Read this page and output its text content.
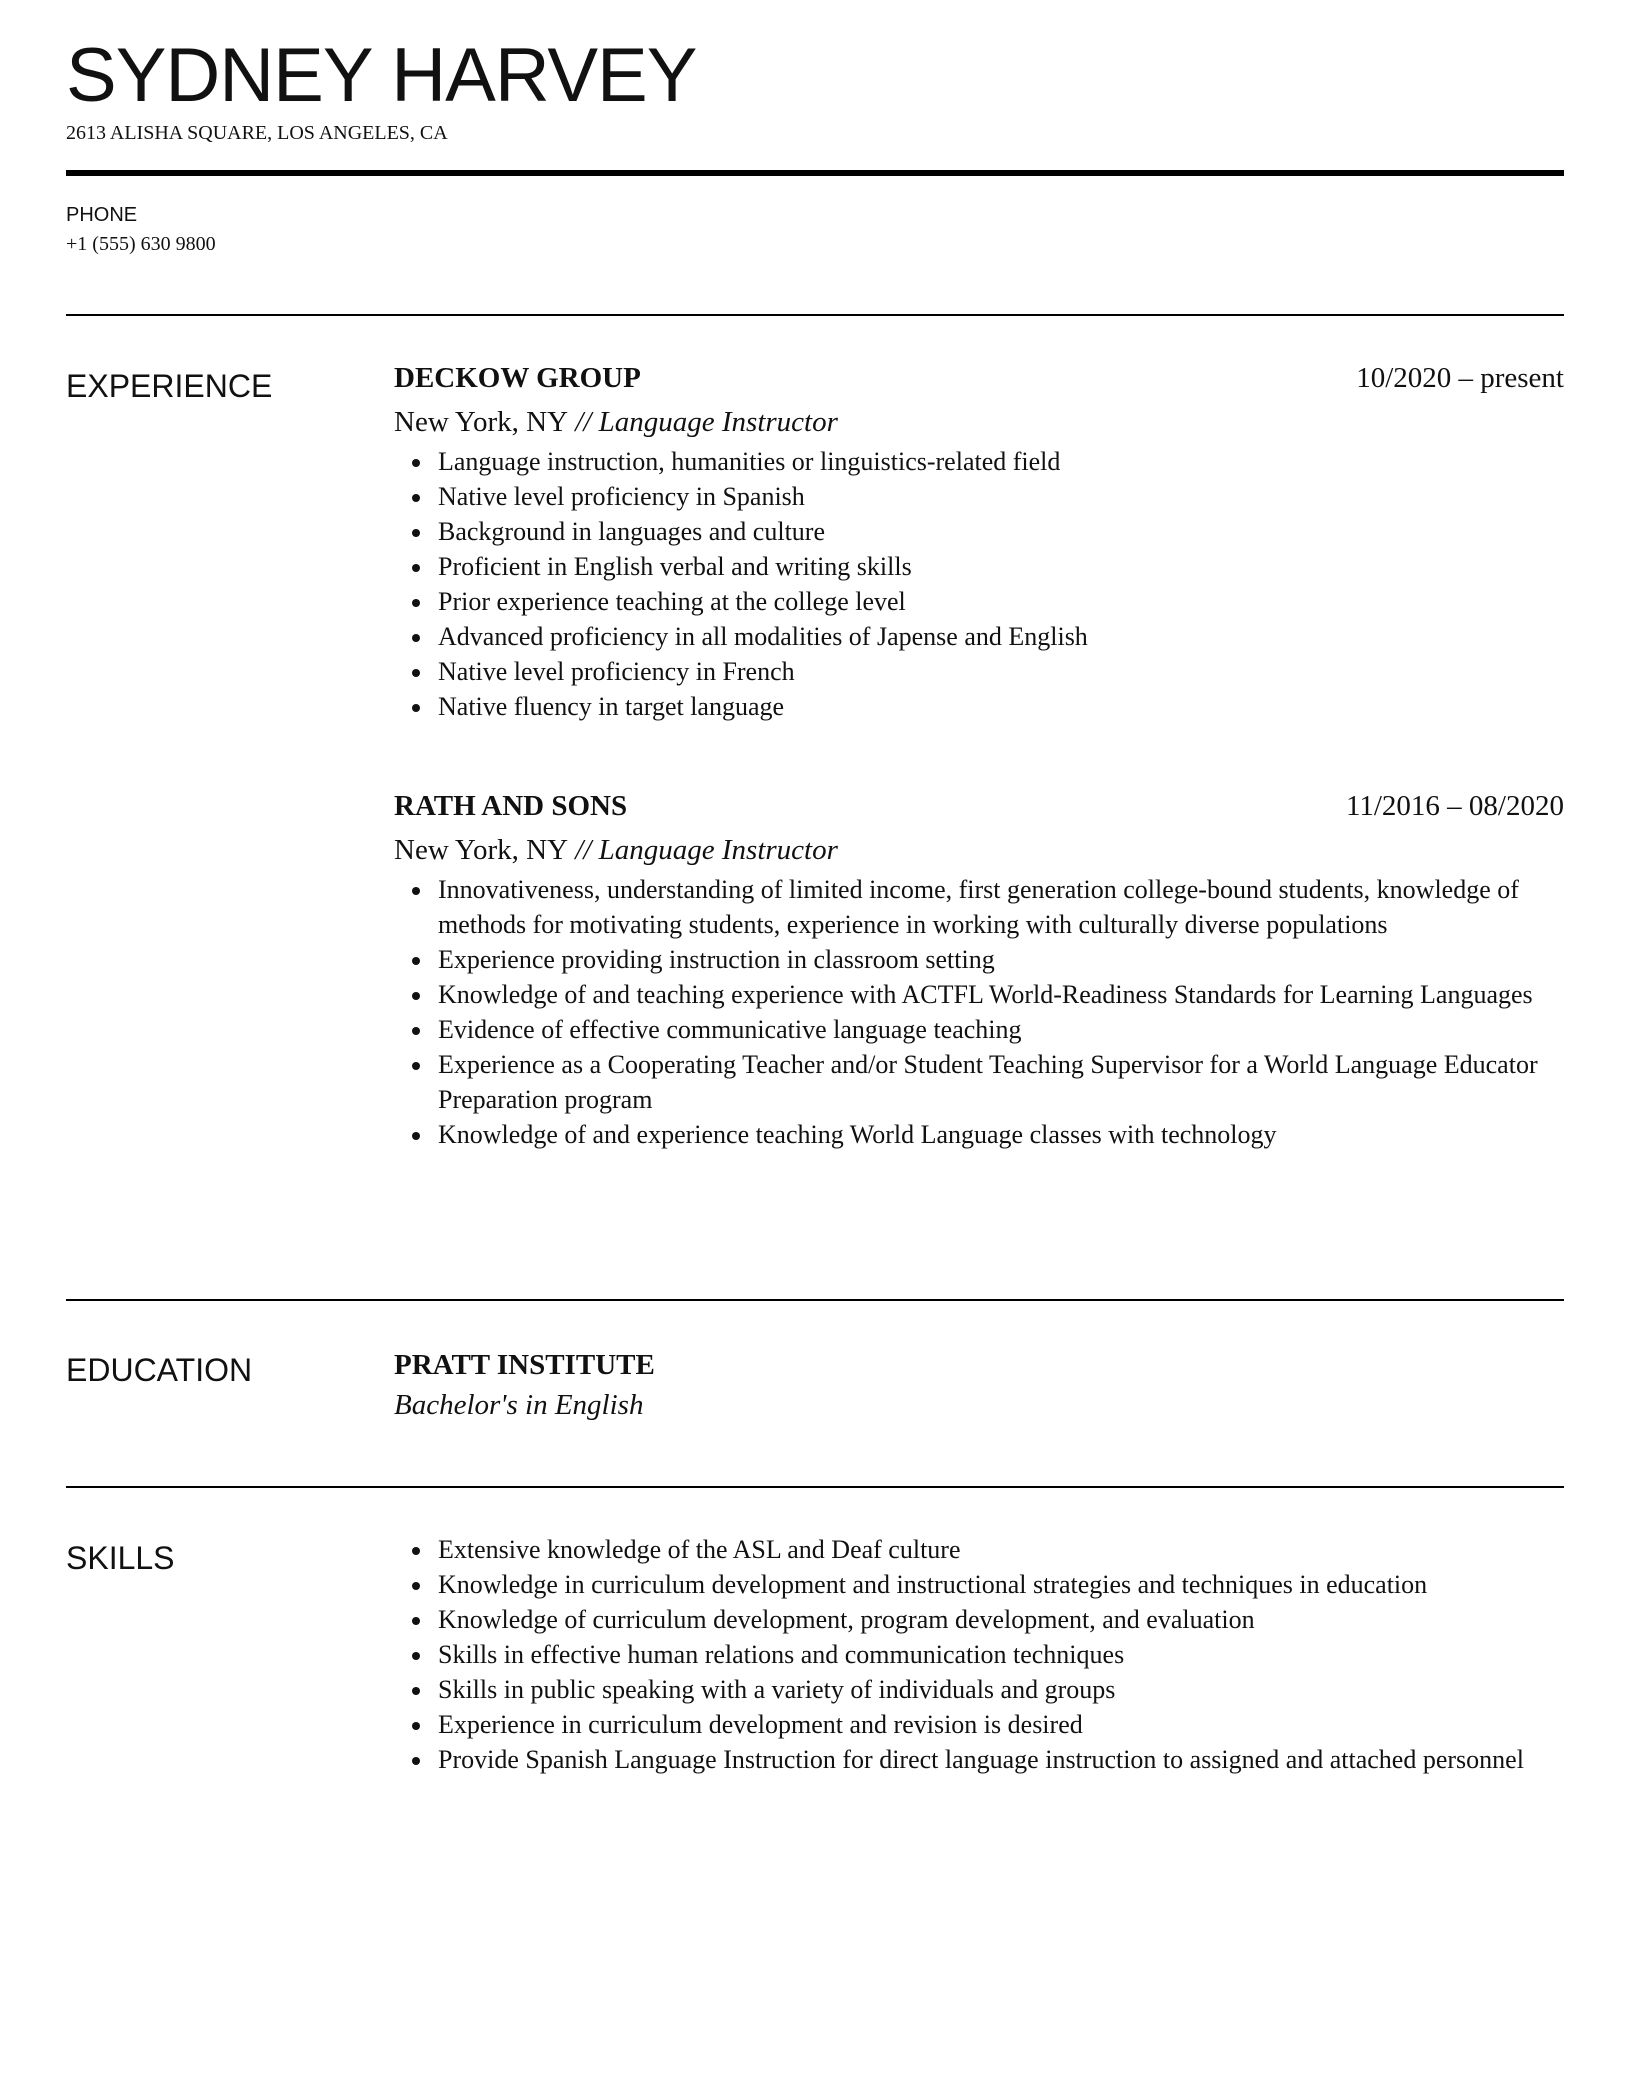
SYDNEY HARVEY
2613 ALISHA SQUARE, LOS ANGELES, CA
PHONE
+1 (555) 630 9800
EXPERIENCE	DECKOW GROUP	10/2020 – present
New York, NY // Language Instructor
Language instruction, humanities or linguistics-related field
Native level proficiency in Spanish
Background in languages and culture
Proficient in English verbal and writing skills
Prior experience teaching at the college level
Advanced proficiency in all modalities of Japense and English
Native level proficiency in French
Native fluency in target language
RATH AND SONS	11/2016 – 08/2020
New York, NY // Language Instructor
Innovativeness, understanding of limited income, first generation college-bound students, knowledge of methods for motivating students, experience in working with culturally diverse populations
Experience providing instruction in classroom setting
Knowledge of and teaching experience with ACTFL World-Readiness Standards for Learning Languages
Evidence of effective communicative language teaching
Experience as a Cooperating Teacher and/or Student Teaching Supervisor for a World Language Educator Preparation program
Knowledge of and experience teaching World Language classes with technology
EDUCATION	PRATT INSTITUTE
Bachelor's in English
SKILLS	Extensive knowledge of the ASL and Deaf culture
Knowledge in curriculum development and instructional strategies and techniques in education
Knowledge of curriculum development, program development, and evaluation
Skills in effective human relations and communication techniques
Skills in public speaking with a variety of individuals and groups
Experience in curriculum development and revision is desired
Provide Spanish Language Instruction for direct language instruction to assigned and attached personnel
